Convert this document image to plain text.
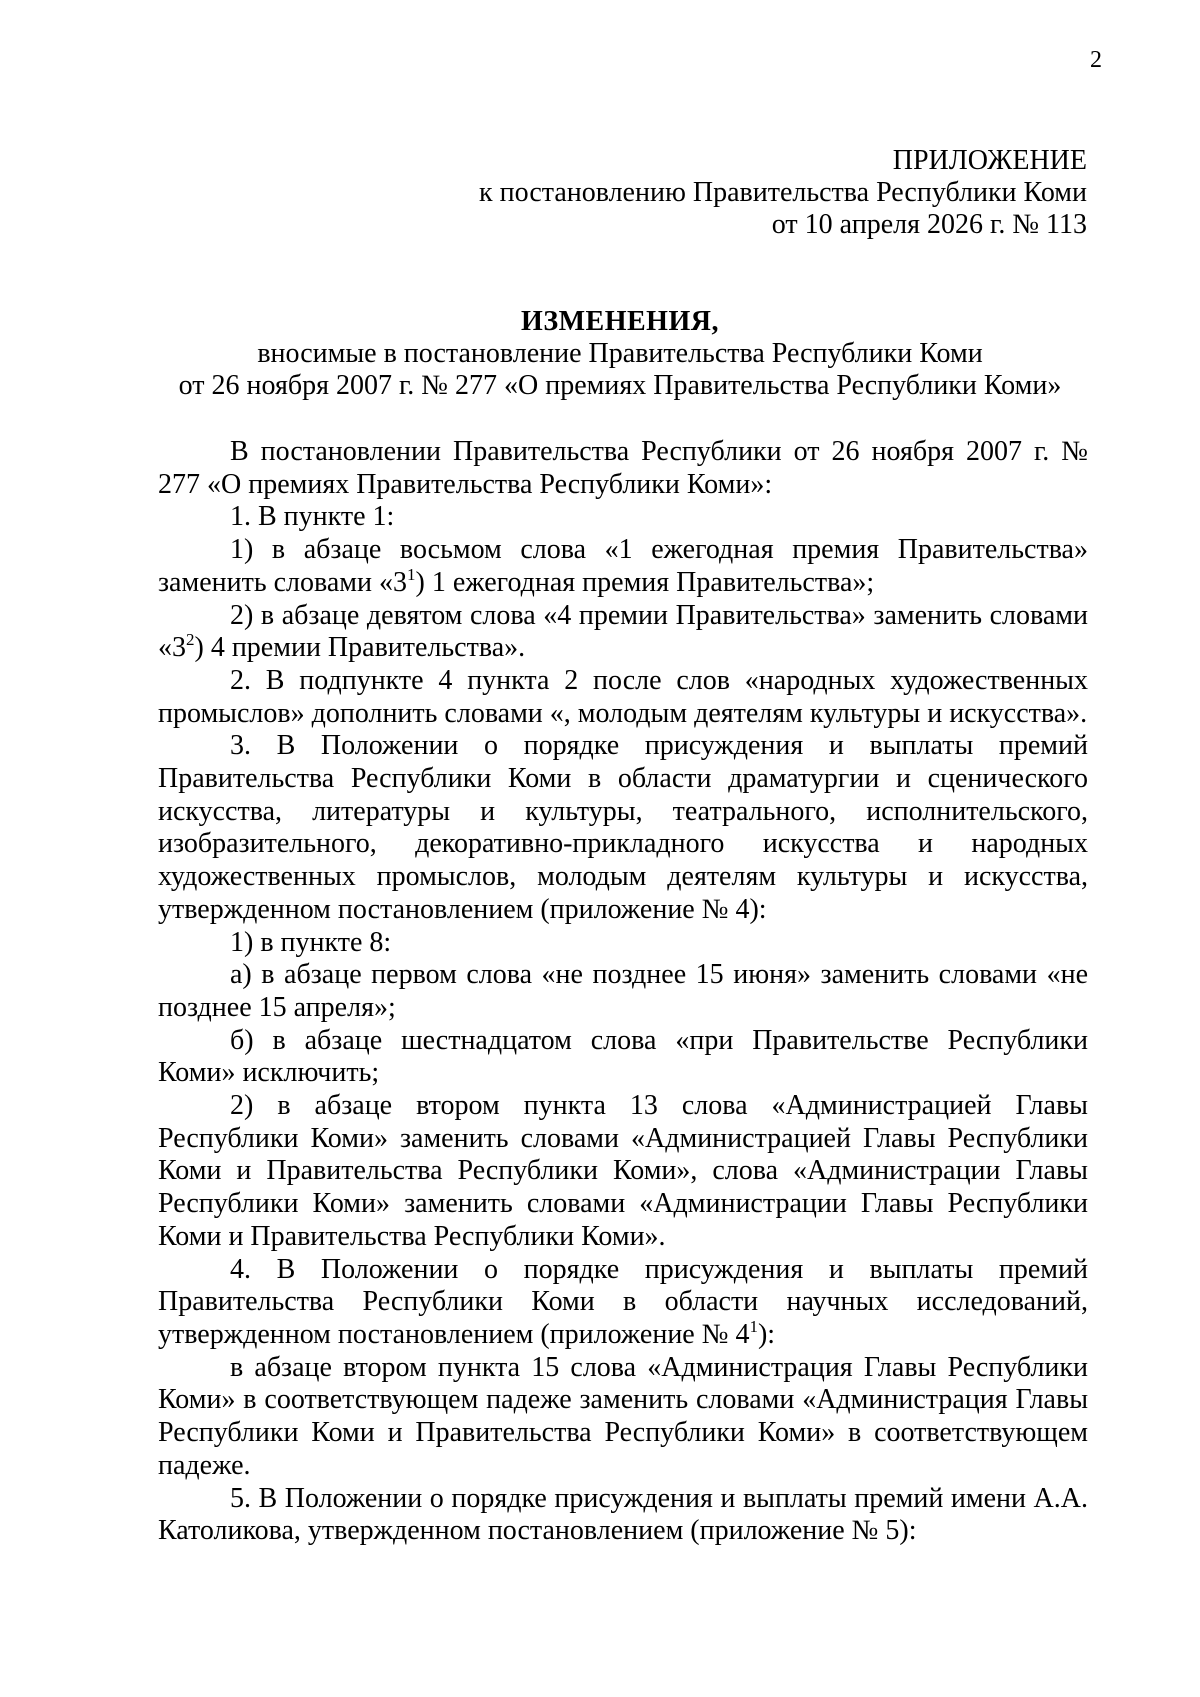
2
ПРИЛОЖЕНИЕ
к постановлению Правительства Республики Коми
от 10 апреля 2026 г. № 113
ИЗМЕНЕНИЯ,
вносимые в постановление Правительства Республики Коми
от 26 ноября 2007 г. № 277 «О премиях Правительства Республики Коми»

В постановлении Правительства Республики от 26 ноября 2007 г. № 277 «О премиях Правительства Республики Коми»:

1. В пункте 1:

1) в абзаце восьмом слова «1 ежегодная премия Правительства» заменить словами «$3^1$) 1 ежегодная премия Правительства»;

2) в абзаце девятом слова «4 премии Правительства» заменить словами «$3^2$) 4 премии Правительства».

2. В подпункте 4 пункта 2 после слов «народных художественных промыслов» дополнить словами «, молодым деятелям культуры и искусства».

3. В Положении о порядке присуждения и выплаты премий Правительства Республики Коми в области драматургии и сценического искусства, литературы и культуры, театрального, исполнительского, изобразительного, декоративно-прикладного искусства и народных художественных промыслов, молодым деятелям культуры и искусства, утвержденном постановлением (приложение № 4):

1) в пункте 8:

а) в абзаце первом слова «не позднее 15 июня» заменить словами «не позднее 15 апреля»;

б) в абзаце шестнадцатом слова «при Правительстве Республики Коми» исключить;

2) в абзаце втором пункта 13 слова «Администрацией Главы Республики Коми» заменить словами «Администрацией Главы Республики Коми и Правительства Республики Коми», слова «Администрации Главы Республики Коми» заменить словами «Администрации Главы Республики Коми и Правительства Республики Коми».

4. В Положении о порядке присуждения и выплаты премий Правительства Республики Коми в области научных исследований, утвержденном постановлением (приложение № $4^1$):

в абзаце втором пункта 15 слова «Администрация Главы Республики Коми» в соответствующем падеже заменить словами «Администрация Главы Республики Коми и Правительства Республики Коми» в соответствующем падеже.

5. В Положении о порядке присуждения и выплаты премий имени А.А. Католикова, утвержденном постановлением (приложение № 5):
